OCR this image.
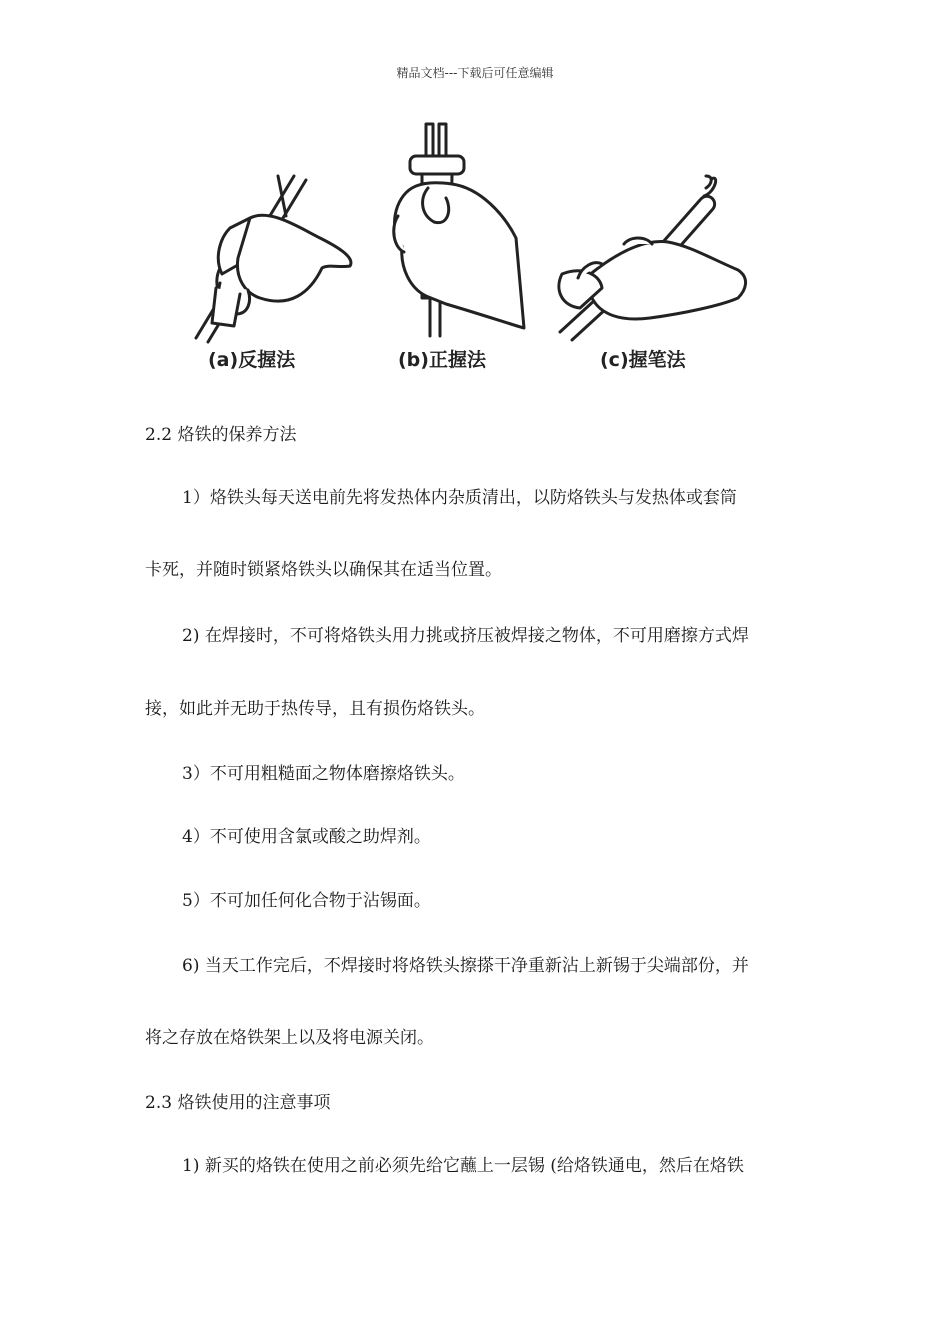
精品文档---下载后可任意编辑
(a)反握法	(b)正握法	(c)握笔法
2.2 烙铁的保养方法
1）烙铁头每天送电前先将发热体内杂质清出，以防烙铁头与发热体或套筒
卡死，并随时锁紧烙铁头以确保其在适当位置。
2) 在焊接时，不可将烙铁头用力挑或挤压被焊接之物体，不可用磨擦方式焊
接，如此并无助于热传导，且有损伤烙铁头。
3）不可用粗糙面之物体磨擦烙铁头。
4）不可使用含氯或酸之助焊剂。
5）不可加任何化合物于沾锡面。
6) 当天工作完后，不焊接时将烙铁头擦搽干净重新沾上新锡于尖端部份，并
将之存放在烙铁架上以及将电源关闭。
2.3 烙铁使用的注意事项
1) 新买的烙铁在使用之前必须先给它蘸上一层锡 (给烙铁通电，然后在烙铁
